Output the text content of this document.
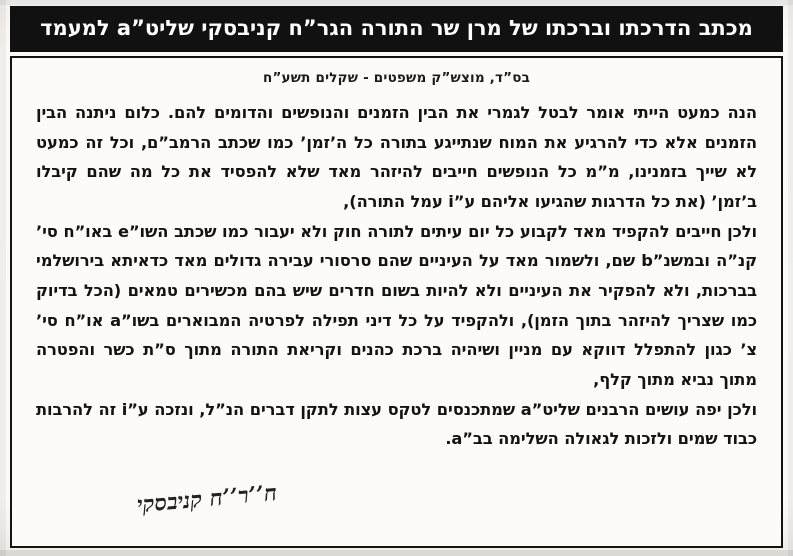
מכתב הדרכתו וברכתו של מרן שר התורה הגר”ח קניבסקי שליט”a למעמד
בס”ד, מוצש”ק משפטים - שקלים תשע”ח

הנה כמעט הייתי אומר לבטל לגמרי את הבין הזמנים והנופשים והדומים להם. כלום ניתנה הבין הזמנים אלא כדי להרגיע את המוח שנתייגע בתורה כל ה’זמן’ כמו שכתב הרמב”ם, וכל זה כמעט לא שייך בזמנינו, מ”מ כל הנופשים חייבים להיזהר מאד שלא להפסיד את כל מה שהם קיבלו ב’זמן’ (את כל הדרגות שהגיעו אליהם ע”i עמל התורה),

ולכן חייבים להקפיד מאד לקבוע כל יום עיתים לתורה חוק ולא יעבור כמו שכתב השו”e באו”ח סי’ קנ”ה ובמשנ”b שם, ולשמור מאד על העיניים שהם סרסורי עבירה גדולים מאד כדאיתא בירושלמי בברכות, ולא להפקיר את העיניים ולא להיות בשום חדרים שיש בהם מכשירים טמאים (הכל בדיוק כמו שצריך להיזהר בתוך הזמן), ולהקפיד על כל דיני תפילה לפרטיה המבוארים בשו”a או”ח סי’ צ’ כגון להתפלל דווקא עם מניין ושיהיה ברכת כהנים וקריאת התורה מתוך ס”ת כשר והפטרה מתוך נביא מתוך קלף,

ולכן יפה עושים הרבנים שליט”a שמתכנסים לטקס עצות לתקן דברים הנ”ל, ונזכה ע”i זה להרבות כבוד שמים ולזכות לגאולה השלימה בב”a.

ח’’ר’’ח קניבסקי
